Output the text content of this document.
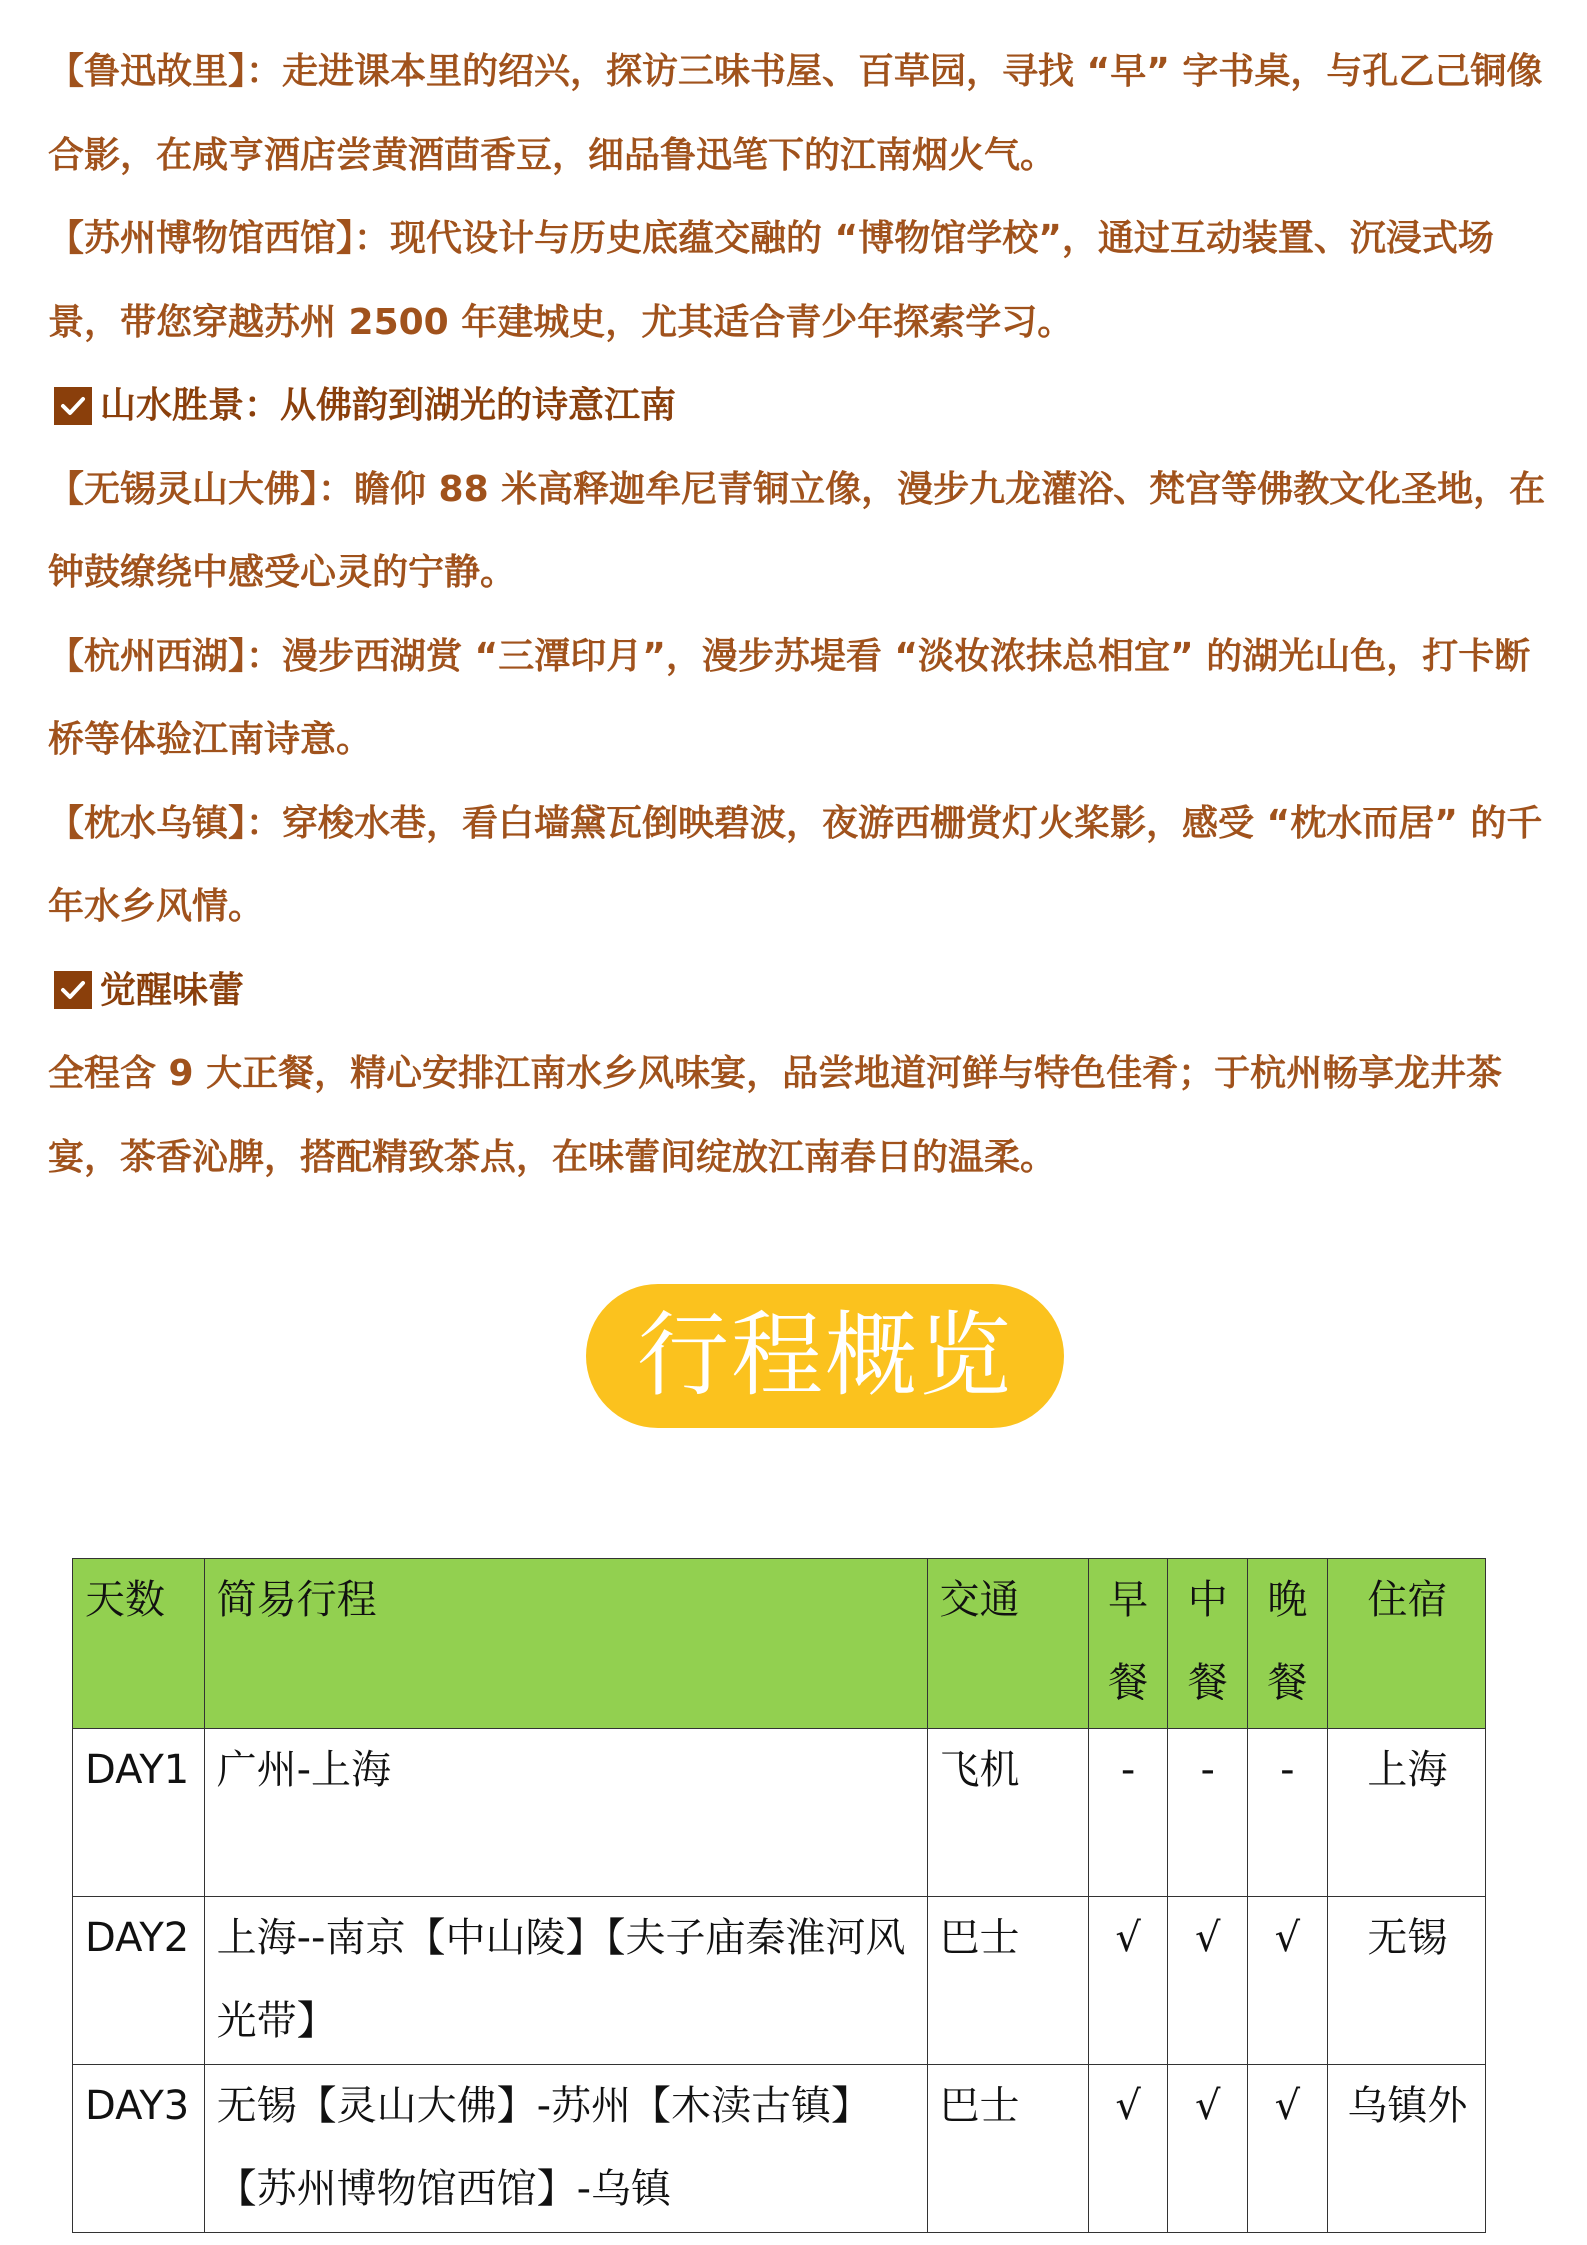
【鲁迅故里】：走进课本里的绍兴，探访三味书屋、百草园，寻找 “早” 字书桌，与孔乙己铜像合影，在咸亨酒店尝黄酒茴香豆，细品鲁迅笔下的江南烟火气。

【苏州博物馆西馆】：现代设计与历史底蕴交融的 “博物馆学校”，通过互动装置、沉浸式场景，带您穿越苏州 2500 年建城史，尤其适合青少年探索学习。

山水胜景：从佛韵到湖光的诗意江南

【无锡灵山大佛】：瞻仰 88 米高释迦牟尼青铜立像，漫步九龙灌浴、梵宫等佛教文化圣地，在钟鼓缭绕中感受心灵的宁静。

【杭州西湖】：漫步西湖赏 “三潭印月”，漫步苏堤看 “淡妆浓抹总相宜” 的湖光山色，打卡断桥等体验江南诗意。

【枕水乌镇】：穿梭水巷，看白墙黛瓦倒映碧波，夜游西栅赏灯火桨影，感受 “枕水而居” 的千年水乡风情。

觉醒味蕾

全程含 9 大正餐，精心安排江南水乡风味宴，品尝地道河鲜与特色佳肴；于杭州畅享龙井茶宴，茶香沁脾，搭配精致茶点，在味蕾间绽放江南春日的温柔。

行程概览
天数	简易行程	交通	早餐	中餐	晚餐	住宿
DAY1	广州-上海	飞机	-	-	-	上海
DAY2	上海--南京【中山陵】【夫子庙秦淮河风光带】	巴士	√	√	√	无锡
DAY3	无锡【灵山大佛】-苏州【木渎古镇】【苏州博物馆西馆】-乌镇	巴士	√	√	√	乌镇外
